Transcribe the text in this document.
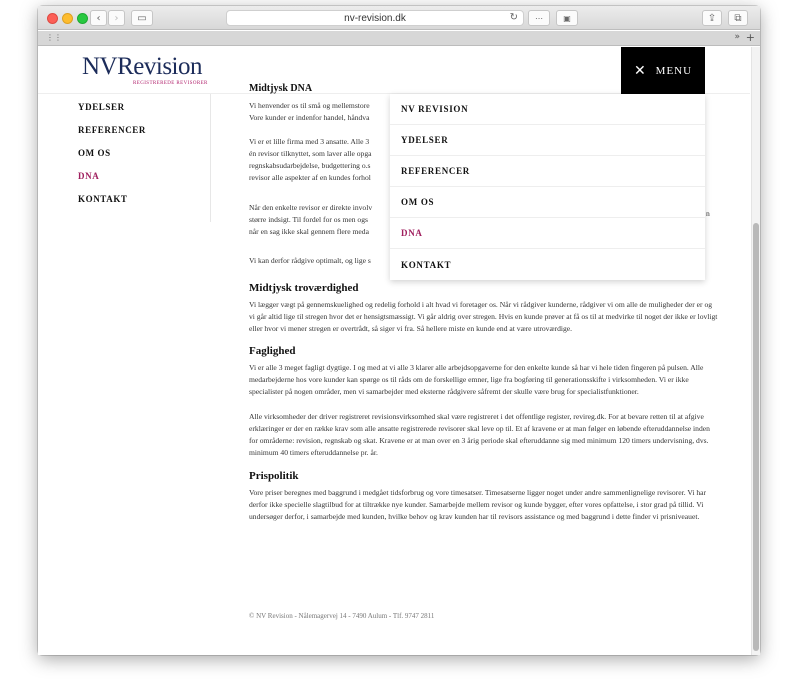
‹	›	▭	nv-revision.dk	↻	⋯	▣	⇪	⧉
⋮⋮	» +
NVRevision
REGISTREREDE REVISORER
✕ MENU
YDELSER
REFERENCER
OM OS
DNA
KONTAKT
Midtjysk DNA
Vi henvender os til små og mellemstore
Vore kunder er indenfor handel, håndva
Vi er et lille firma med 3 ansatte. Alle 3
én revisor tilknyttet, som laver alle opga
regnskabsudarbejdelse, budgettering o.s
revisor alle aspekter af en kundes forhol
Når den enkelte revisor er direkte involv
større indsigt. Til fordel for os men ogs
når en sag ikke skal gennem flere meda
Vi kan derfor rådgive optimalt, og lige s
n
NV REVISION
YDELSER
REFERENCER
OM OS
DNA
KONTAKT
Midtjysk troværdighed

Vi lægger vægt på gennemskuelighed og redelig forhold i alt hvad vi foretager os. Når vi rådgiver kunderne, rådgiver vi om alle de muligheder der er og vi går altid lige til stregen hvor det er hensigtsmæssigt. Vi går aldrig over stregen. Hvis en kunde prøver at få os til at medvirke til noget der ikke er lovligt eller hvor vi mener stregen er overtrådt, så siger vi fra. Så hellere miste en kunde end at være utroværdige.

Faglighed

Vi er alle 3 meget fagligt dygtige. I og med at vi alle 3 klarer alle arbejdsopgaverne for den enkelte kunde så har vi hele tiden fingeren på pulsen. Alle medarbejderne hos vore kunder kan spørge os til råds om de forskellige emner, lige fra bogføring til generationsskifte i virksomheden. Vi er ikke specialister på nogen områder, men vi samarbejder med eksterne rådgivere såfremt der skulle være brug for specialistfunktioner.

Alle virksomheder der driver registreret revisionsvirksomhed skal være registreret i det offentlige register, revireg.dk. For at bevare retten til at afgive erklæringer er der en række krav som alle ansatte registrerede revisorer skal leve op til. Et af kravene er at man følger en løbende efteruddannelse inden for områderne: revision, regnskab og skat. Kravene er at man over en 3 årig periode skal efteruddanne sig med minimum 120 timers undervisning, dvs. minimum 40 timers efteruddannelse pr. år.

Prispolitik

Vore priser beregnes med baggrund i medgået tidsforbrug og vore timesatser. Timesatserne ligger noget under andre sammenlignelige revisorer. Vi har derfor ikke specielle slagtilbud for at tiltrække nye kunder. Samarbejde mellem revisor og kunde bygger, efter vores opfattelse, i stor grad på tillid. Vi undersøger derfor, i samarbejde med kunden, hvilke behov og krav kunden har til revisors assistance og med baggrund i dette finder vi prisniveauet.

© NV Revision - Nålemagervej 14 - 7490 Aulum - Tlf. 9747 2811
